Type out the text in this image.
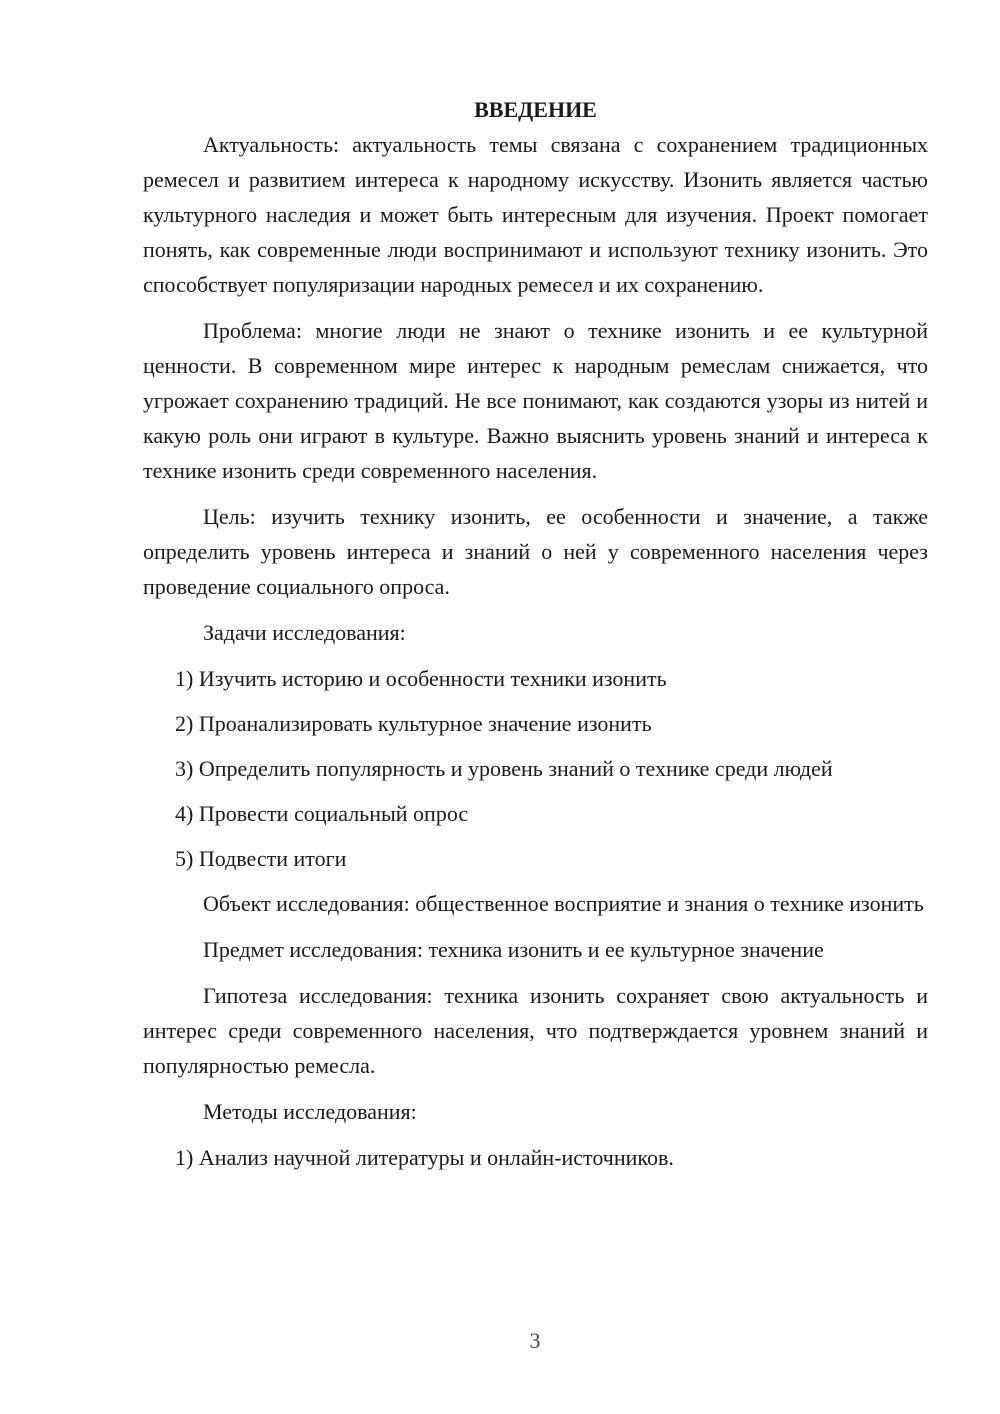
ВВЕДЕНИЕ

Актуальность: актуальность темы связана с сохранением традиционных ремесел и развитием интереса к народному искусству. Изонить является частью культурного наследия и может быть интересным для изучения. Проект помогает понять, как современные люди воспринимают и используют технику изонить. Это способствует популяризации народных ремесел и их сохранению.

Проблема: многие люди не знают о технике изонить и ее культурной ценности. В современном мире интерес к народным ремеслам снижается, что угрожает сохранению традиций. Не все понимают, как создаются узоры из нитей и какую роль они играют в культуре. Важно выяснить уровень знаний и интереса к технике изонить среди современного населения.

Цель: изучить технику изонить, ее особенности и значение, а также определить уровень интереса и знаний о ней у современного населения через проведение социального опроса.

Задачи исследования:

1) Изучить историю и особенности техники изонить

2) Проанализировать культурное значение изонить

3) Определить популярность и уровень знаний о технике среди людей

4) Провести социальный опрос

5) Подвести итоги

Объект исследования: общественное восприятие и знания о технике изонить

Предмет исследования: техника изонить и ее культурное значение

Гипотеза исследования: техника изонить сохраняет свою актуальность и интерес среди современного населения, что подтверждается уровнем знаний и популярностью ремесла.

Методы исследования:

1) Анализ научной литературы и онлайн-источников.

3
